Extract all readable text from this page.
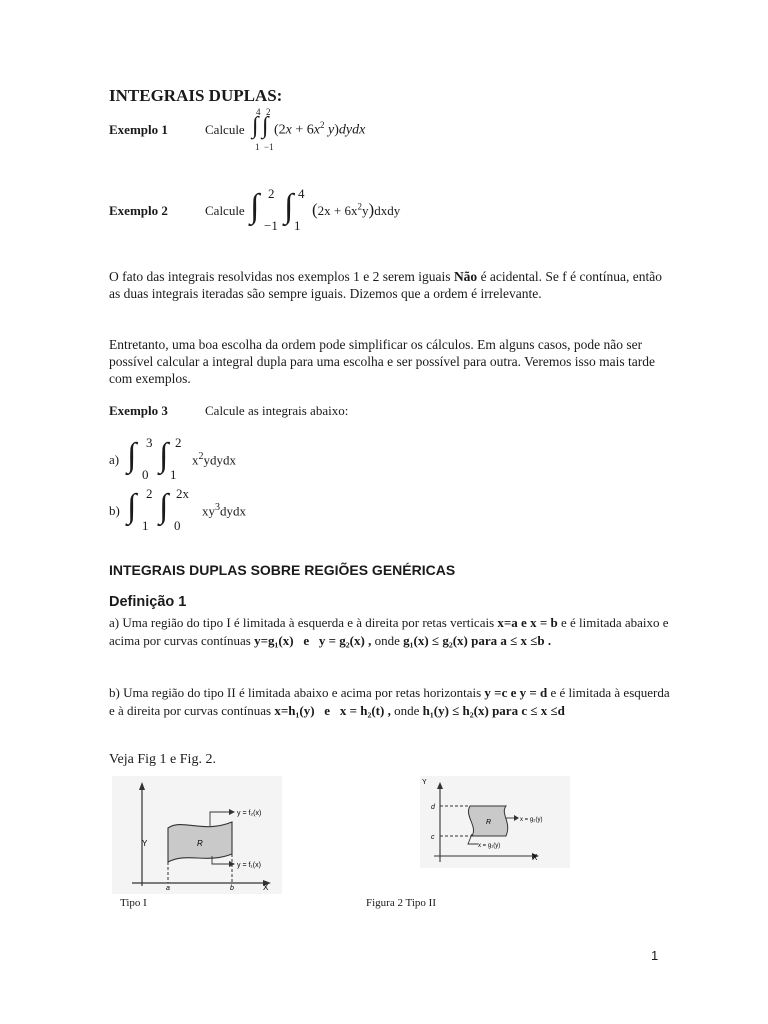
INTEGRAIS DUPLAS:
Exemplo 1	Calcule ∫
4
1
∫
2
−1
($2x + 6x^2$ y)dydx
Exemplo 2	Calcule ∫ 2
−1
∫ 4
1
$(2x + 6x^2y)dxdy$
O fato das integrais resolvidas nos exemplos 1 e 2 serem iguais Não é acidental. Se f é contínua, então as duas integrais iteradas são sempre iguais. Dizemos que a ordem é irrelevante.
Entretanto, uma boa escolha da ordem pode simplificar os cálculos. Em alguns casos, pode não ser possível calcular a integral dupla para uma escolha e ser possível para outra. Veremos isso mais tarde com exemplos.
Exemplo 3	Calcule as integrais abaixo:
a) ∫ 3
0
∫ 2
1
$x^2ydydx$
b) ∫ 2
1
∫ 2x
0
$xy^3dydx$
INTEGRAIS DUPLAS SOBRE REGIÕES GENÉRICAS
Definição 1
a) Uma região do tipo I é limitada à esquerda e à direita por retas verticais x=a e x = b e é limitada abaixo e acima por curvas contínuas y=g₁(x) e y = g₂(x) , onde g₁(x) ≤ g₂(x) para a ≤ x ≤b .
b) Uma região do tipo II é limitada abaixo e acima por retas horizontais y =c e y = d e é limitada à esquerda e à direita por curvas contínuas x=h₁(y) e x = h₂(t) , onde h₁(y) ≤ h₂(x) para c ≤ x ≤d
Veja Fig 1 e Fig. 2.
Y
X
R
a	b
y = f₂(x)
y = f₁(x)
Tipo I
Y
X
d
c
R	x = g₂(y)
x = g₁(y)
Figura 2 Tipo II
1
